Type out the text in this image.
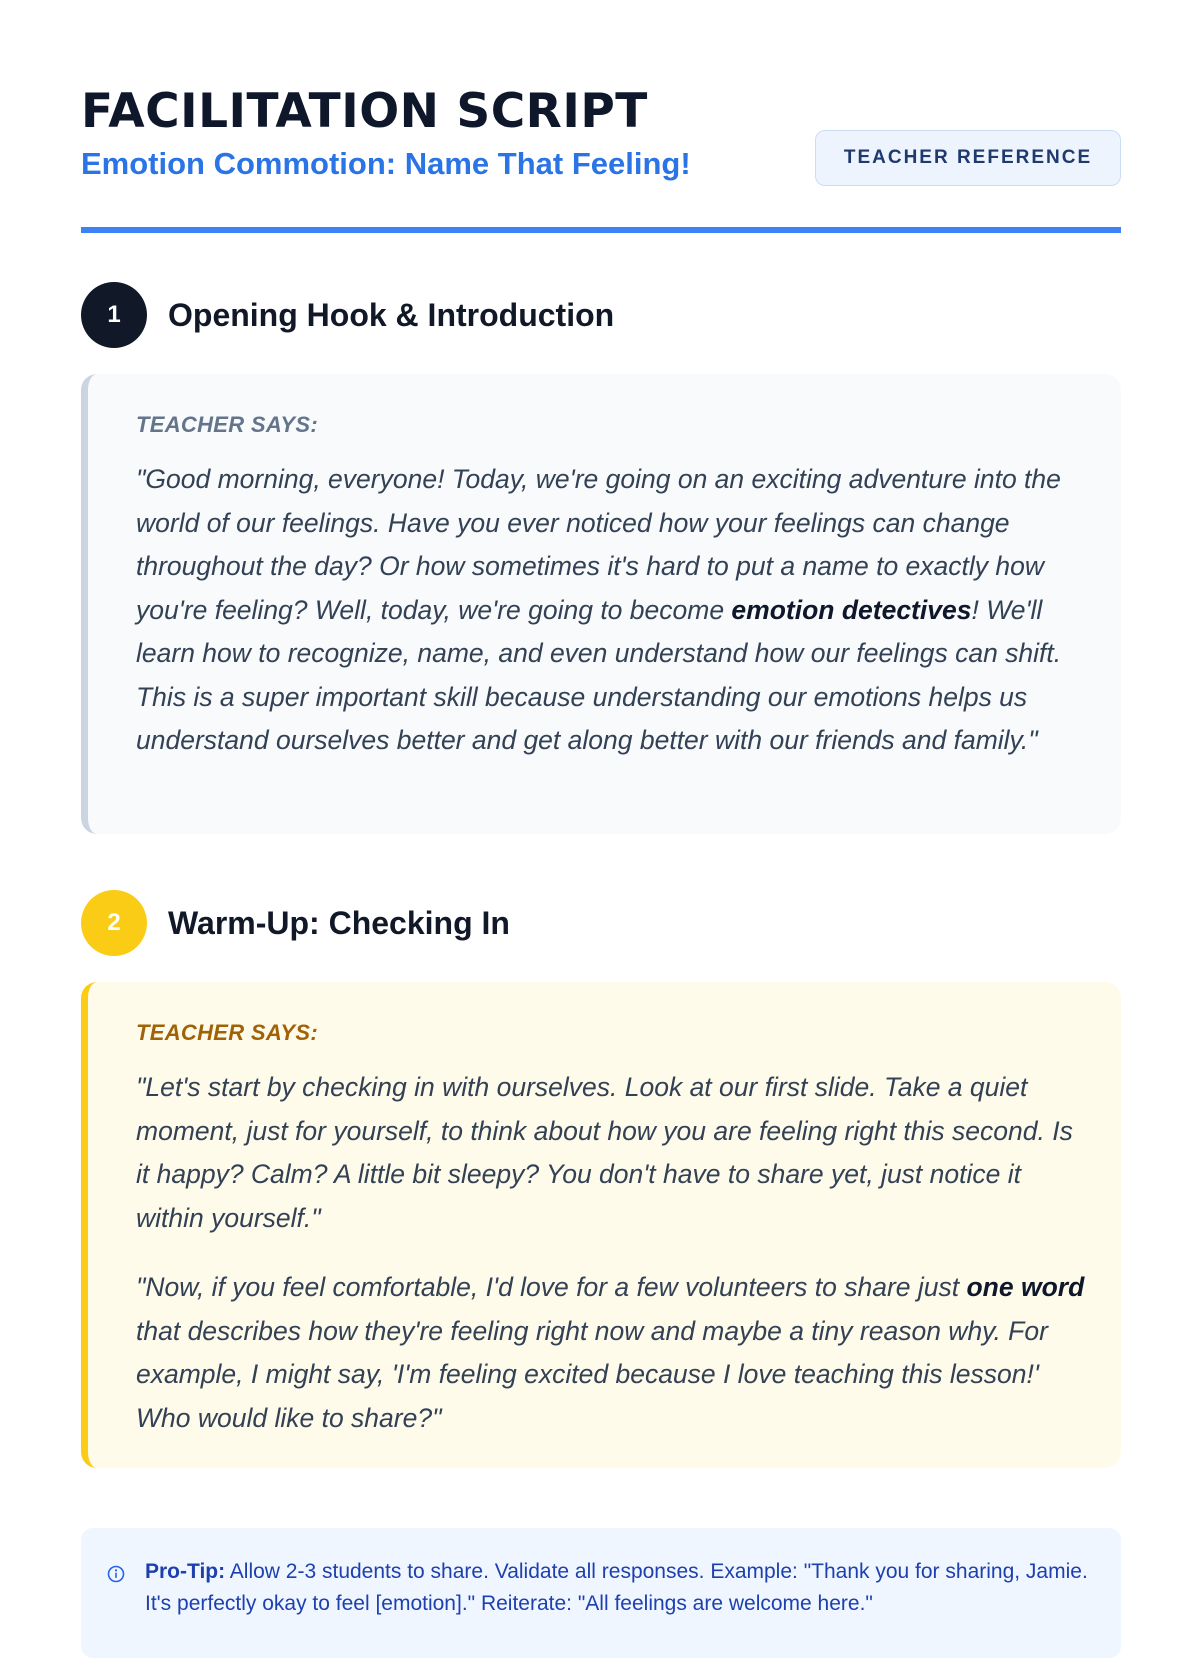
FACILITATION SCRIPT
Emotion Commotion: Name That Feeling!	TEACHER REFERENCE
1	Opening Hook & Introduction

TEACHER SAYS:

"Good morning, everyone! Today, we're going on an exciting adventure into the world of our feelings. Have you ever noticed how your feelings can change throughout the day? Or how sometimes it's hard to put a name to exactly how you're feeling? Well, today, we're going to become emotion detectives! We'll learn how to recognize, name, and even understand how our feelings can shift. This is a super important skill because understanding our emotions helps us understand ourselves better and get along better with our friends and family."

2	Warm-Up: Checking In

TEACHER SAYS:

"Let's start by checking in with ourselves. Look at our first slide. Take a quiet moment, just for yourself, to think about how you are feeling right this second. Is it happy? Calm? A little bit sleepy? You don't have to share yet, just notice it within yourself."

"Now, if you feel comfortable, I'd love for a few volunteers to share just one word that describes how they're feeling right now and maybe a tiny reason why. For example, I might say, 'I'm feeling excited because I love teaching this lesson!' Who would like to share?"

Pro-Tip: Allow 2-3 students to share. Validate all responses. Example: "Thank you for sharing, Jamie. It's perfectly okay to feel [emotion]." Reiterate: "All feelings are welcome here."
